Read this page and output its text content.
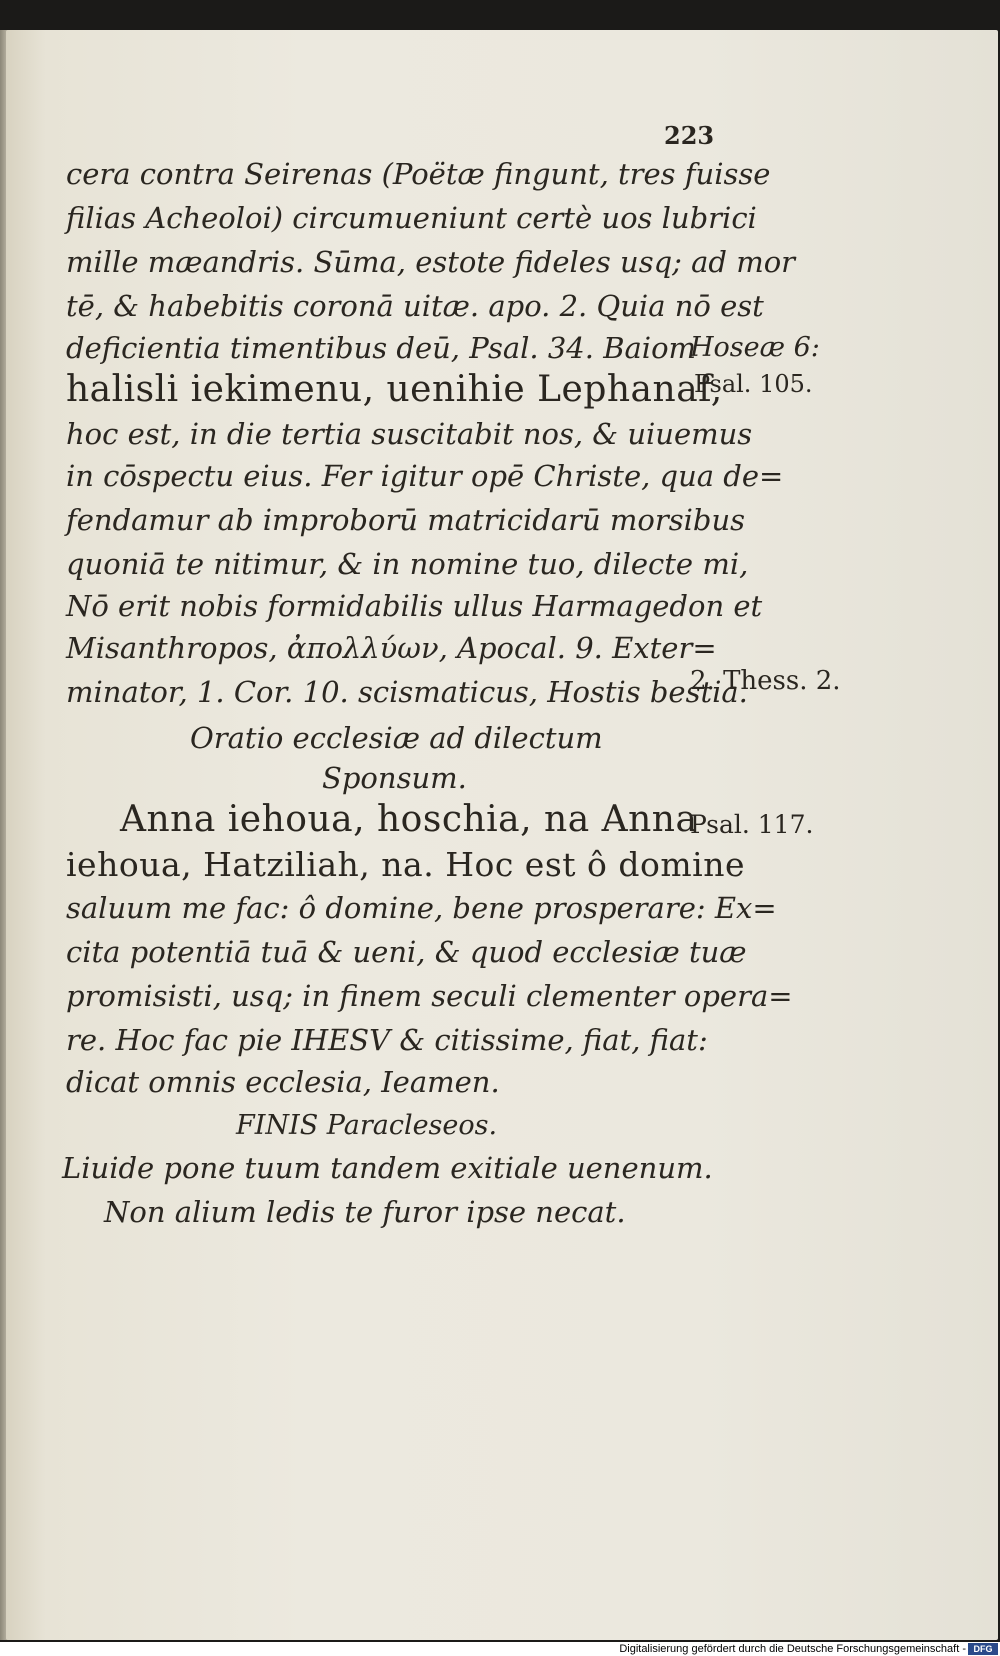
223
cera contra Seirenas (Poëtæ fingunt, tres fuisse
filias Acheoloi) circumueniunt certè uos lubrici
mille mæandris. Sūma, estote fideles usq; ad mor
tē, & habebitis coronā uitæ. apo. 2. Quia nō est
deficientia timentibus deū, Psal. 34. Baiom
halisli iekimenu, uenihie Lephanaf,
hoc est, in die tertia suscitabit nos, & uiuemus
in cōspectu eius. Fer igitur opē Christe, qua de=
fendamur ab improborū matricidarū morsibus
quoniā te nitimur, & in nomine tuo, dilecte mi,
Nō erit nobis formidabilis ullus Harmagedon et
Misanthropos, ἀπολλύων, Apocal. 9. Exter=
minator, 1. Cor. 10. scismaticus, Hostis bestia.
Oratio ecclesiæ ad dilectum
Sponsum.
Anna iehoua, hoschia, na Anna
iehoua, Hatziliah, na. Hoc est ô domine
saluum me fac: ô domine, bene prosperare: Ex=
cita potentiā tuā & ueni, & quod ecclesiæ tuæ
promisisti, usq; in finem seculi clementer opera=
re. Hoc fac pie IHESV & citissime, fiat, fiat:
dicat omnis ecclesia, Ieamen.
FINIS Paracleseos.
Liuide pone tuum tandem exitiale uenenum.
Non alium ledis te furor ipse necat.
Hoseæ 6:
Psal. 105.
2. Thess. 2.
Psal. 117.
Digitalisierung gefördert durch die Deutsche Forschungsgemeinschaft - DFG
